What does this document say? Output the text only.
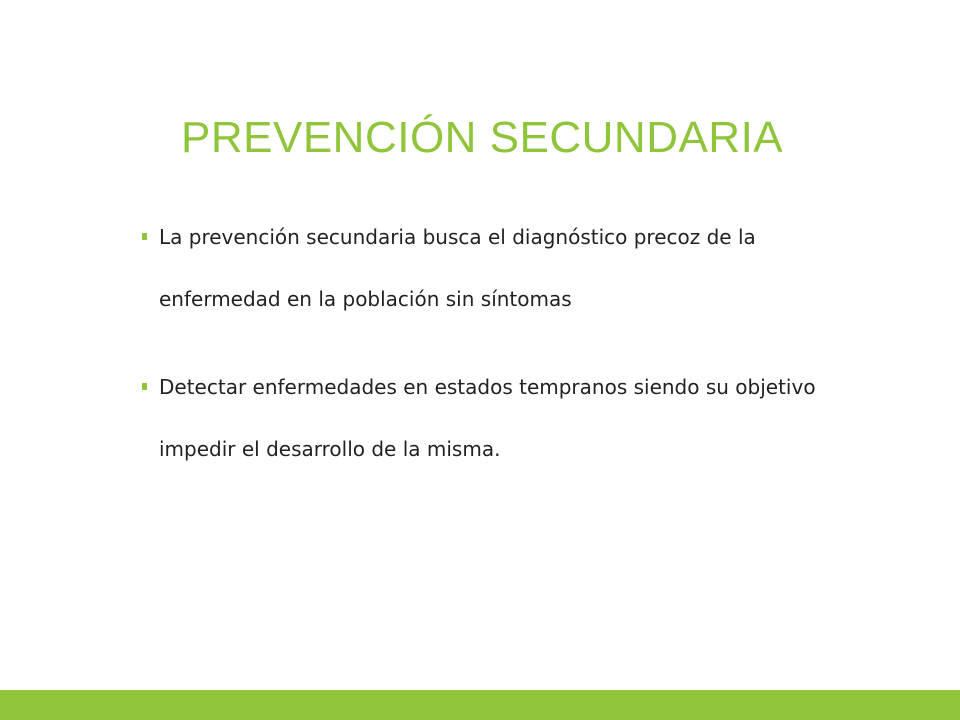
PREVENCIÓN SECUNDARIA
La prevención secundaria busca el diagnóstico precoz de la enfermedad en la población sin síntomas
Detectar enfermedades en estados tempranos siendo su objetivo impedir el desarrollo de la misma.
